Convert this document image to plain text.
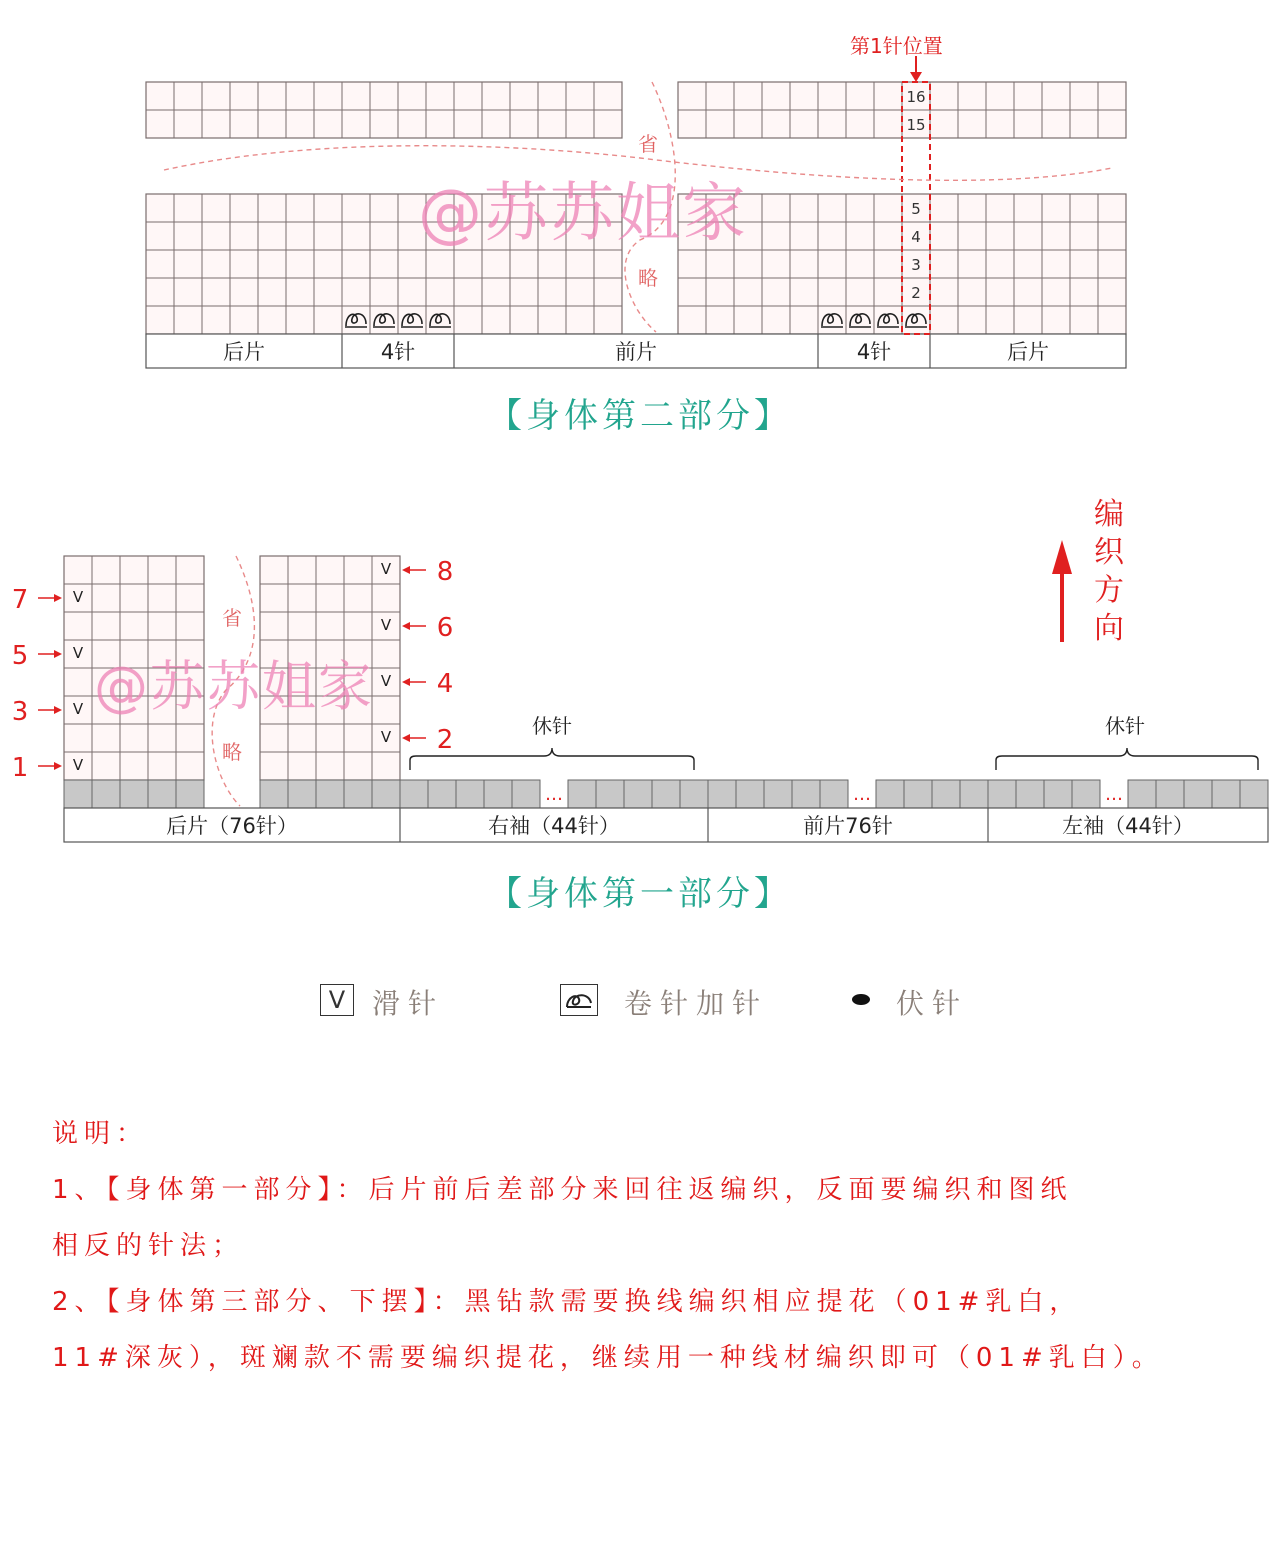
16
15
5
4
3
2
后片	4针	前片	4针	后片
…	…	…
V
V
V
V
V
V
V
V
7
5
3
1
8
6
4
2
后片（76针）	右袖（44针）	前片76针	左袖（44针）
第1针位置
省
略
【身体第二部分】
编
织
方
向
省
略
休针	休针
【身体第一部分】
@苏苏姐家
@苏苏姐家
V 滑针	卷针加针	伏针

说明：

1、【身体第一部分】：后片前后差部分来回往返编织，反面要编织和图纸

相反的针法；

2、【身体第三部分、下摆】：黑钻款需要换线编织相应提花（01#乳白，

11#深灰），斑斓款不需要编织提花，继续用一种线材编织即可（01#乳白）。
